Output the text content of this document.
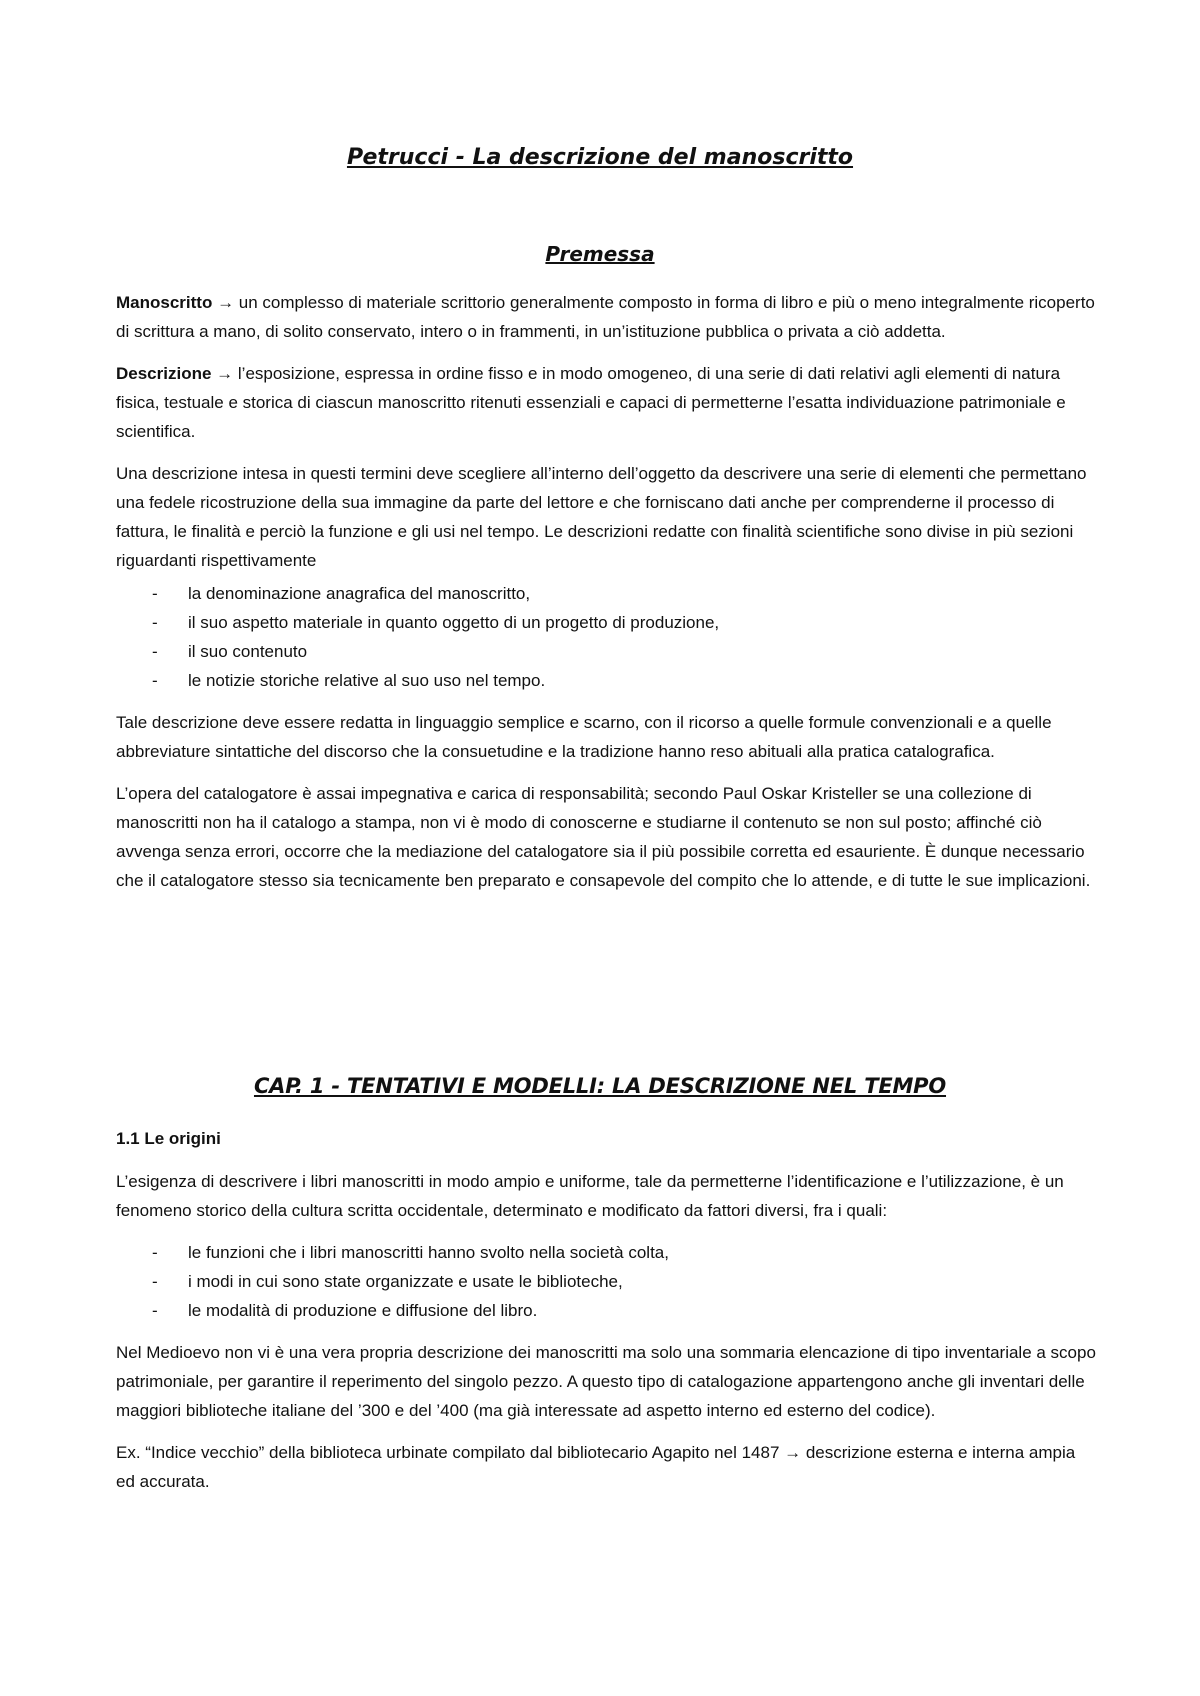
Petrucci - La descrizione del manoscritto
Premessa

Manoscritto → un complesso di materiale scrittorio generalmente composto in forma di libro e più o meno integralmente ricoperto di scrittura a mano, di solito conservato, intero o in frammenti, in un’istituzione pubblica o privata a ciò addetta.

Descrizione → l’esposizione, espressa in ordine fisso e in modo omogeneo, di una serie di dati relativi agli elementi di natura fisica, testuale e storica di ciascun manoscritto ritenuti essenziali e capaci di permetterne l’esatta individuazione patrimoniale e scientifica.

Una descrizione intesa in questi termini deve scegliere all’interno dell’oggetto da descrivere una serie di elementi che permettano una fedele ricostruzione della sua immagine da parte del lettore e che forniscano dati anche per comprenderne il processo di fattura, le finalità e perciò la funzione e gli usi nel tempo. Le descrizioni redatte con finalità scientifiche sono divise in più sezioni riguardanti rispettivamente

- la denominazione anagrafica del manoscritto,
- il suo aspetto materiale in quanto oggetto di un progetto di produzione,
- il suo contenuto
- le notizie storiche relative al suo uso nel tempo.

Tale descrizione deve essere redatta in linguaggio semplice e scarno, con il ricorso a quelle formule convenzionali e a quelle abbreviature sintattiche del discorso che la consuetudine e la tradizione hanno reso abituali alla pratica catalografica.

L’opera del catalogatore è assai impegnativa e carica di responsabilità; secondo Paul Oskar Kristeller se una collezione di manoscritti non ha il catalogo a stampa, non vi è modo di conoscerne e studiarne il contenuto se non sul posto; affinché ciò avvenga senza errori, occorre che la mediazione del catalogatore sia il più possibile corretta ed esauriente. È dunque necessario che il catalogatore stesso sia tecnicamente ben preparato e consapevole del compito che lo attende, e di tutte le sue implicazioni.

CAP. 1 - TENTATIVI E MODELLI: LA DESCRIZIONE NEL TEMPO

1.1 Le origini

L’esigenza di descrivere i libri manoscritti in modo ampio e uniforme, tale da permetterne l’identificazione e l’utilizzazione, è un fenomeno storico della cultura scritta occidentale, determinato e modificato da fattori diversi, fra i quali:

- le funzioni che i libri manoscritti hanno svolto nella società colta,
- i modi in cui sono state organizzate e usate le biblioteche,
- le modalità di produzione e diffusione del libro.

Nel Medioevo non vi è una vera propria descrizione dei manoscritti ma solo una sommaria elencazione di tipo inventariale a scopo patrimoniale, per garantire il reperimento del singolo pezzo. A questo tipo di catalogazione appartengono anche gli inventari delle maggiori biblioteche italiane del ’300 e del ’400 (ma già interessate ad aspetto interno ed esterno del codice).

Ex. “Indice vecchio” della biblioteca urbinate compilato dal bibliotecario Agapito nel 1487 → descrizione esterna e interna ampia ed accurata.
